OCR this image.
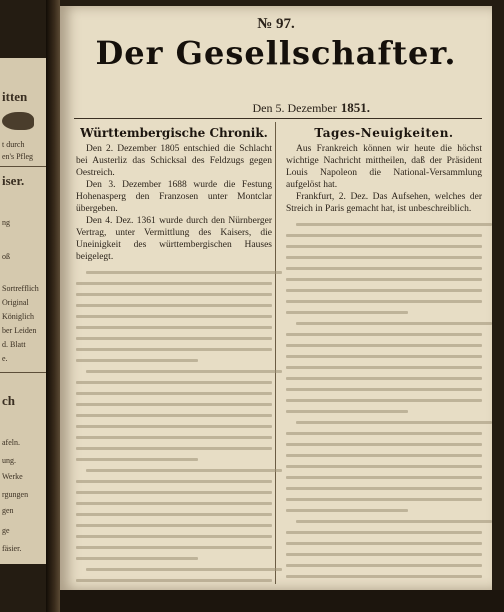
itten
t durch
en's Pfleg
iser.
ng
oß
Sortrefflich
Original
Königlich
ber Leiden
d. Blatt
e.
ch
afeln.
ung.
Werke
rgungen
gen
ge
fäsier.
№ 97.
Der Gesellschafter.
Den 5. Dezember 1851.
Württembergische Chronik.

Den 2. Dezember 1805 entschied die Schlacht bei Austerliz das Schicksal des Feldzugs gegen Oestreich.

Den 3. Dezember 1688 wurde die Festung Hohenasperg den Franzosen unter Montclar übergeben.

Den 4. Dez. 1361 wurde durch den Nürnberger Vertrag, unter Vermittlung des Kaisers, die Uneinigkeit des württembergischen Hauses beigelegt.

Tages-Neuigkeiten.

Aus Frankreich können wir heute die höchst wichtige Nachricht mittheilen, daß der Präsident Louis Napoleon die National-Versammlung aufgelöst hat.

Frankfurt, 2. Dez. Das Aufsehen, welches der Streich in Paris gemacht hat, ist unbeschreiblich.
